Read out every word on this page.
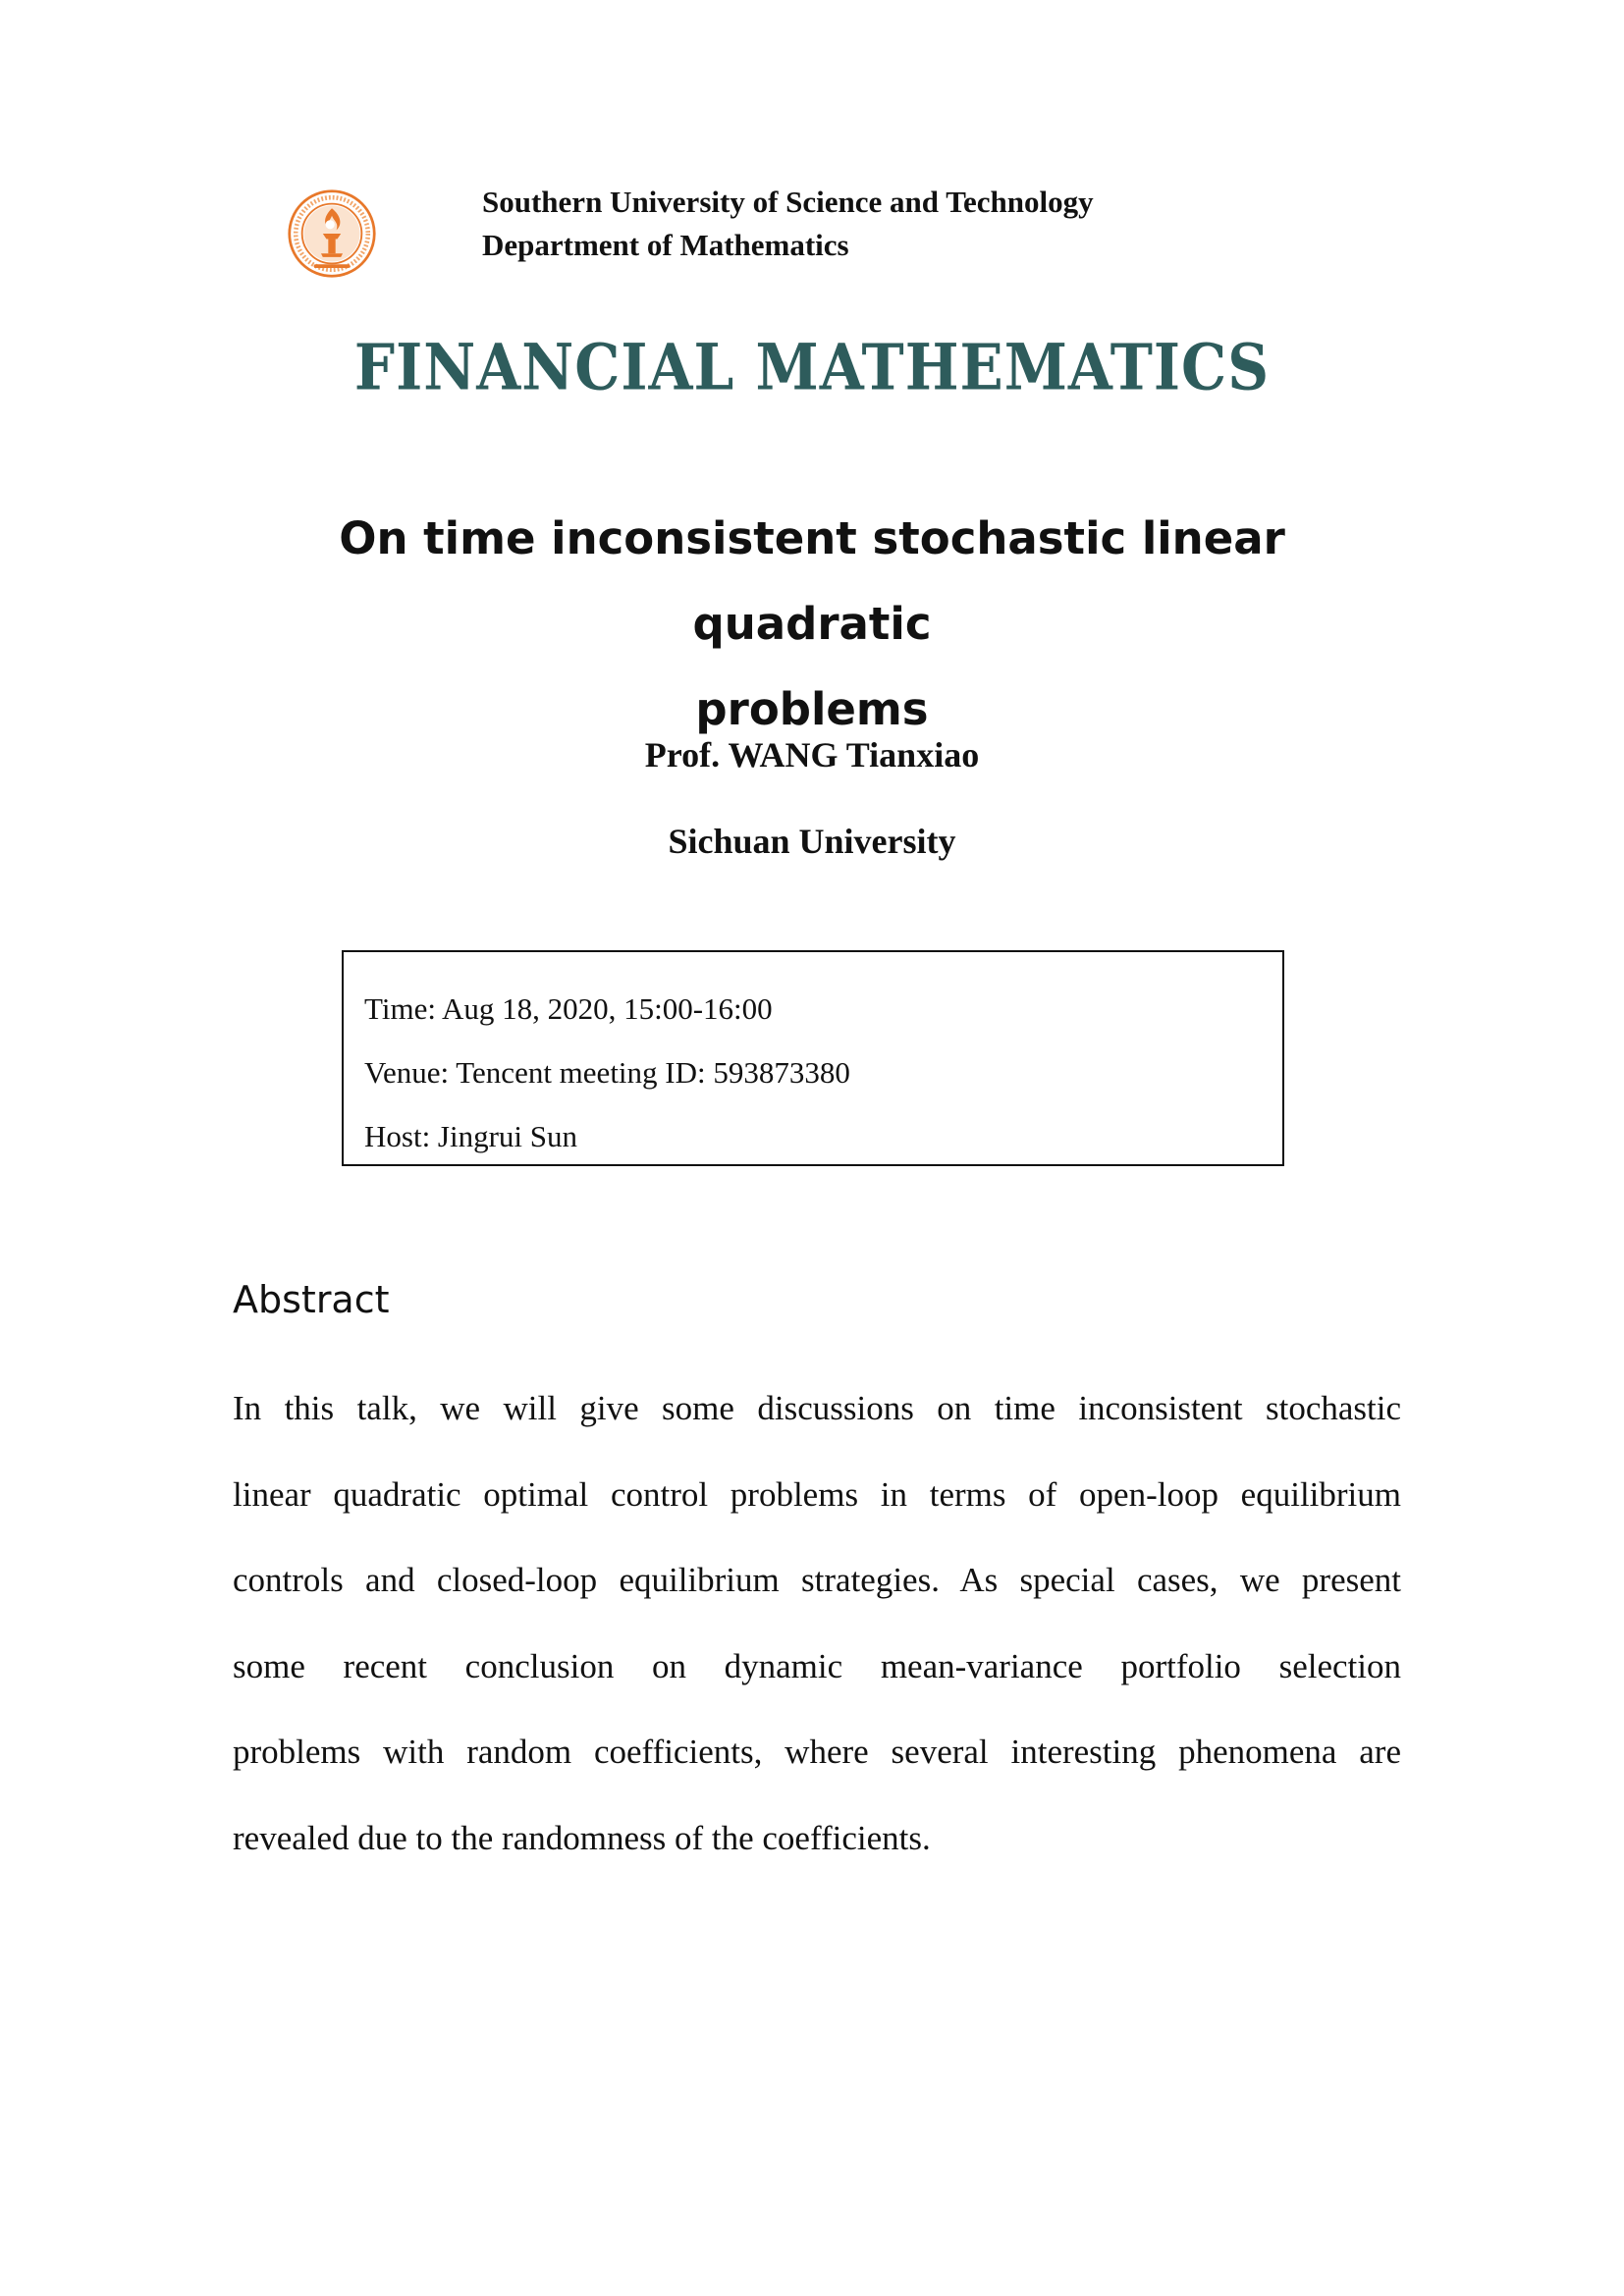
Southern University of Science and Technology
Department of Mathematics
FINANCIAL MATHEMATICS
On time inconsistent stochastic linear quadratic
problems
Prof. WANG Tianxiao
Sichuan University
Time: Aug 18, 2020, 15:00-16:00
Venue: Tencent meeting ID: 593873380
Host: Jingrui Sun
Abstract
In this talk, we will give some discussions on time inconsistent stochastic
linear quadratic optimal control problems in terms of open-loop equilibrium
controls and closed-loop equilibrium strategies. As special cases, we present
some recent conclusion on dynamic mean-variance portfolio selection
problems with random coefficients, where several interesting phenomena are
revealed due to the randomness of the coefficients.
